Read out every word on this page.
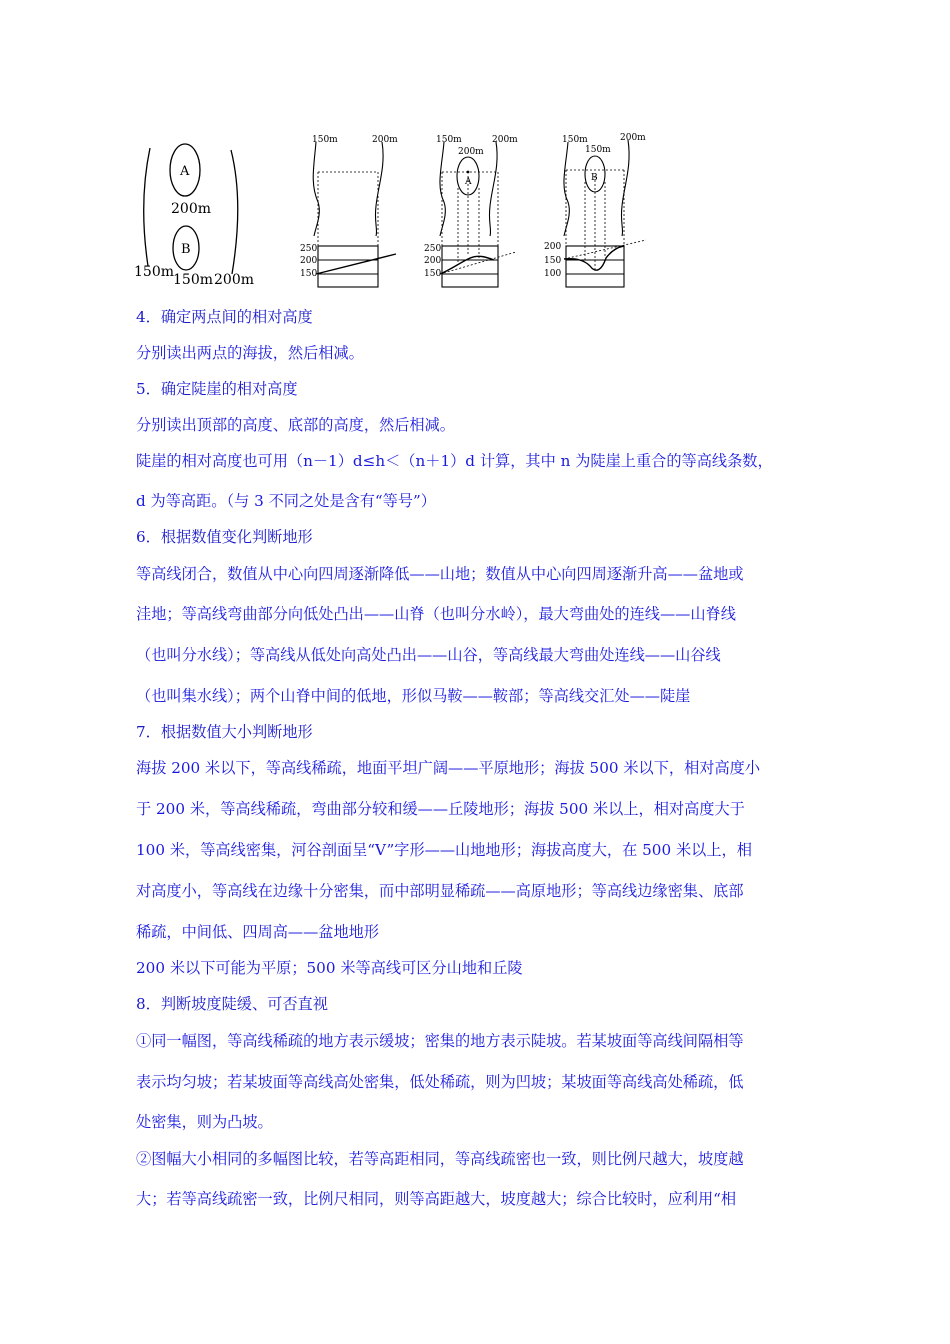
A
B
200m
150m 150m 200m
150m	200m
250
200
150
150m	200m
200m
A
250
200
150
150m	200m
150m
B
200
150
100
4．确定两点间的相对高度
分别读出两点的海拔，然后相减。
5．确定陡崖的相对高度
分别读出顶部的高度、底部的高度，然后相减。
陡崖的相对高度也可用（n－1）d≤h＜（n＋1）d 计算，其中 n 为陡崖上重合的等高线条数，
d 为等高距。（与 3 不同之处是含有“等号”）
6．根据数值变化判断地形
等高线闭合，数值从中心向四周逐渐降低——山地；数值从中心向四周逐渐升高——盆地或
洼地；等高线弯曲部分向低处凸出——山脊（也叫分水岭），最大弯曲处的连线——山脊线
（也叫分水线）；等高线从低处向高处凸出——山谷，等高线最大弯曲处连线——山谷线
（也叫集水线）；两个山脊中间的低地，形似马鞍——鞍部；等高线交汇处——陡崖
7．根据数值大小判断地形
海拔 200 米以下，等高线稀疏，地面平坦广阔——平原地形；海拔 500 米以下，相对高度小
于 200 米，等高线稀疏，弯曲部分较和缓——丘陵地形；海拔 500 米以上，相对高度大于
100 米，等高线密集，河谷剖面呈“V”字形——山地地形；海拔高度大，在 500 米以上，相
对高度小，等高线在边缘十分密集，而中部明显稀疏——高原地形；等高线边缘密集、底部
稀疏，中间低、四周高——盆地地形
200 米以下可能为平原；500 米等高线可区分山地和丘陵
8．判断坡度陡缓、可否直视
①同一幅图，等高线稀疏的地方表示缓坡；密集的地方表示陡坡。若某坡面等高线间隔相等
表示均匀坡；若某坡面等高线高处密集，低处稀疏，则为凹坡；某坡面等高线高处稀疏，低
处密集，则为凸坡。
②图幅大小相同的多幅图比较，若等高距相同，等高线疏密也一致，则比例尺越大，坡度越
大；若等高线疏密一致，比例尺相同，则等高距越大，坡度越大；综合比较时，应利用“相
